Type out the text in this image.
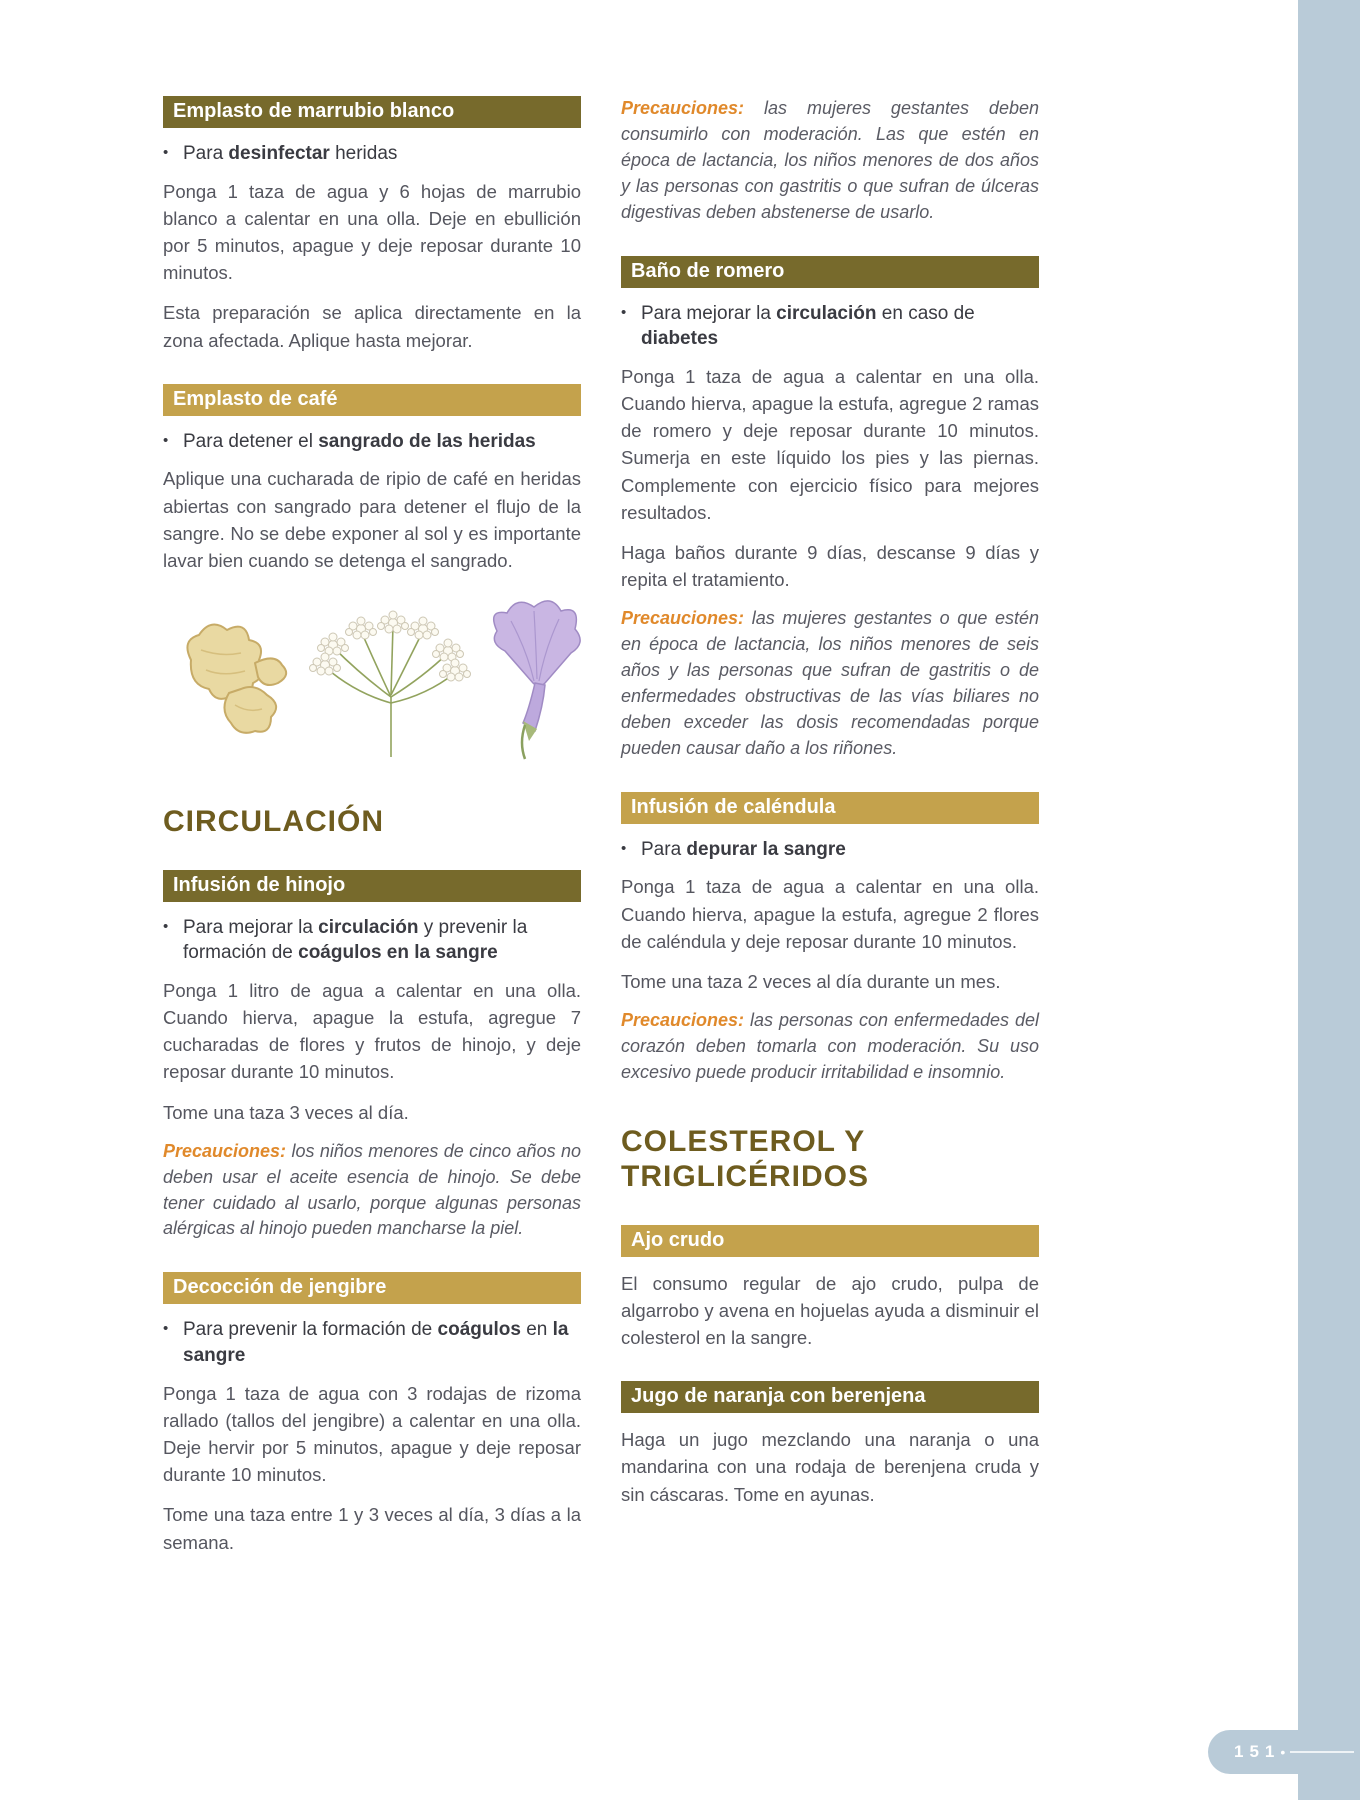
Emplasto de marrubio blanco
• Para desinfectar heridas

Ponga 1 taza de agua y 6 hojas de marrubio blanco a calentar en una olla. Deje en ebullición por 5 minutos, apague y deje reposar durante 10 minutos.

Esta preparación se aplica directamente en la zona afectada. Aplique hasta mejorar.

Emplasto de café
• Para detener el sangrado de las heridas

Aplique una cucharada de ripio de café en heridas abiertas con sangrado para detener el flujo de la sangre. No se debe exponer al sol y es importante lavar bien cuando se detenga el sangrado.

CIRCULACIÓN
Infusión de hinojo
• Para mejorar la circulación y prevenir la formación de coágulos en la sangre

Ponga 1 litro de agua a calentar en una olla. Cuando hierva, apague la estufa, agregue 7 cucharadas de flores y frutos de hinojo, y deje reposar durante 10 minutos.

Tome una taza 3 veces al día.

Precauciones: los niños menores de cinco años no deben usar el aceite esencia de hinojo. Se debe tener cuidado al usarlo, porque algunas personas alérgicas al hinojo pueden mancharse la piel.

Decocción de jengibre
• Para prevenir la formación de coágulos en la sangre

Ponga 1 taza de agua con 3 rodajas de rizoma rallado (tallos del jengibre) a calentar en una olla. Deje hervir por 5 minutos, apague y deje reposar durante 10 minutos.

Tome una taza entre 1 y 3 veces al día, 3 días a la semana.

Precauciones: las mujeres gestantes deben consumirlo con moderación. Las que estén en época de lactancia, los niños menores de dos años y las personas con gastritis o que sufran de úlceras digestivas deben abstenerse de usarlo.

Baño de romero
• Para mejorar la circulación en caso de diabetes

Ponga 1 taza de agua a calentar en una olla. Cuando hierva, apague la estufa, agregue 2 ramas de romero y deje reposar durante 10 minutos. Sumerja en este líquido los pies y las piernas. Complemente con ejercicio físico para mejores resultados.

Haga baños durante 9 días, descanse 9 días y repita el tratamiento.

Precauciones: las mujeres gestantes o que estén en época de lactancia, los niños menores de seis años y las personas que sufran de gastritis o de enfermedades obstructivas de las vías biliares no deben exceder las dosis recomendadas porque pueden causar daño a los riñones.

Infusión de caléndula
• Para depurar la sangre

Ponga 1 taza de agua a calentar en una olla. Cuando hierva, apague la estufa, agregue 2 flores de caléndula y deje reposar durante 10 minutos.

Tome una taza 2 veces al día durante un mes.

Precauciones: las personas con enfermedades del corazón deben tomarla con moderación. Su uso excesivo puede producir irritabilidad e insomnio.

COLESTEROL Y TRIGLICÉRIDOS
Ajo crudo

El consumo regular de ajo crudo, pulpa de algarrobo y avena en hojuelas ayuda a disminuir el colesterol en la sangre.

Jugo de naranja con berenjena

Haga un jugo mezclando una naranja o una mandarina con una rodaja de berenjena cruda y sin cáscaras. Tome en ayunas.

151 •
